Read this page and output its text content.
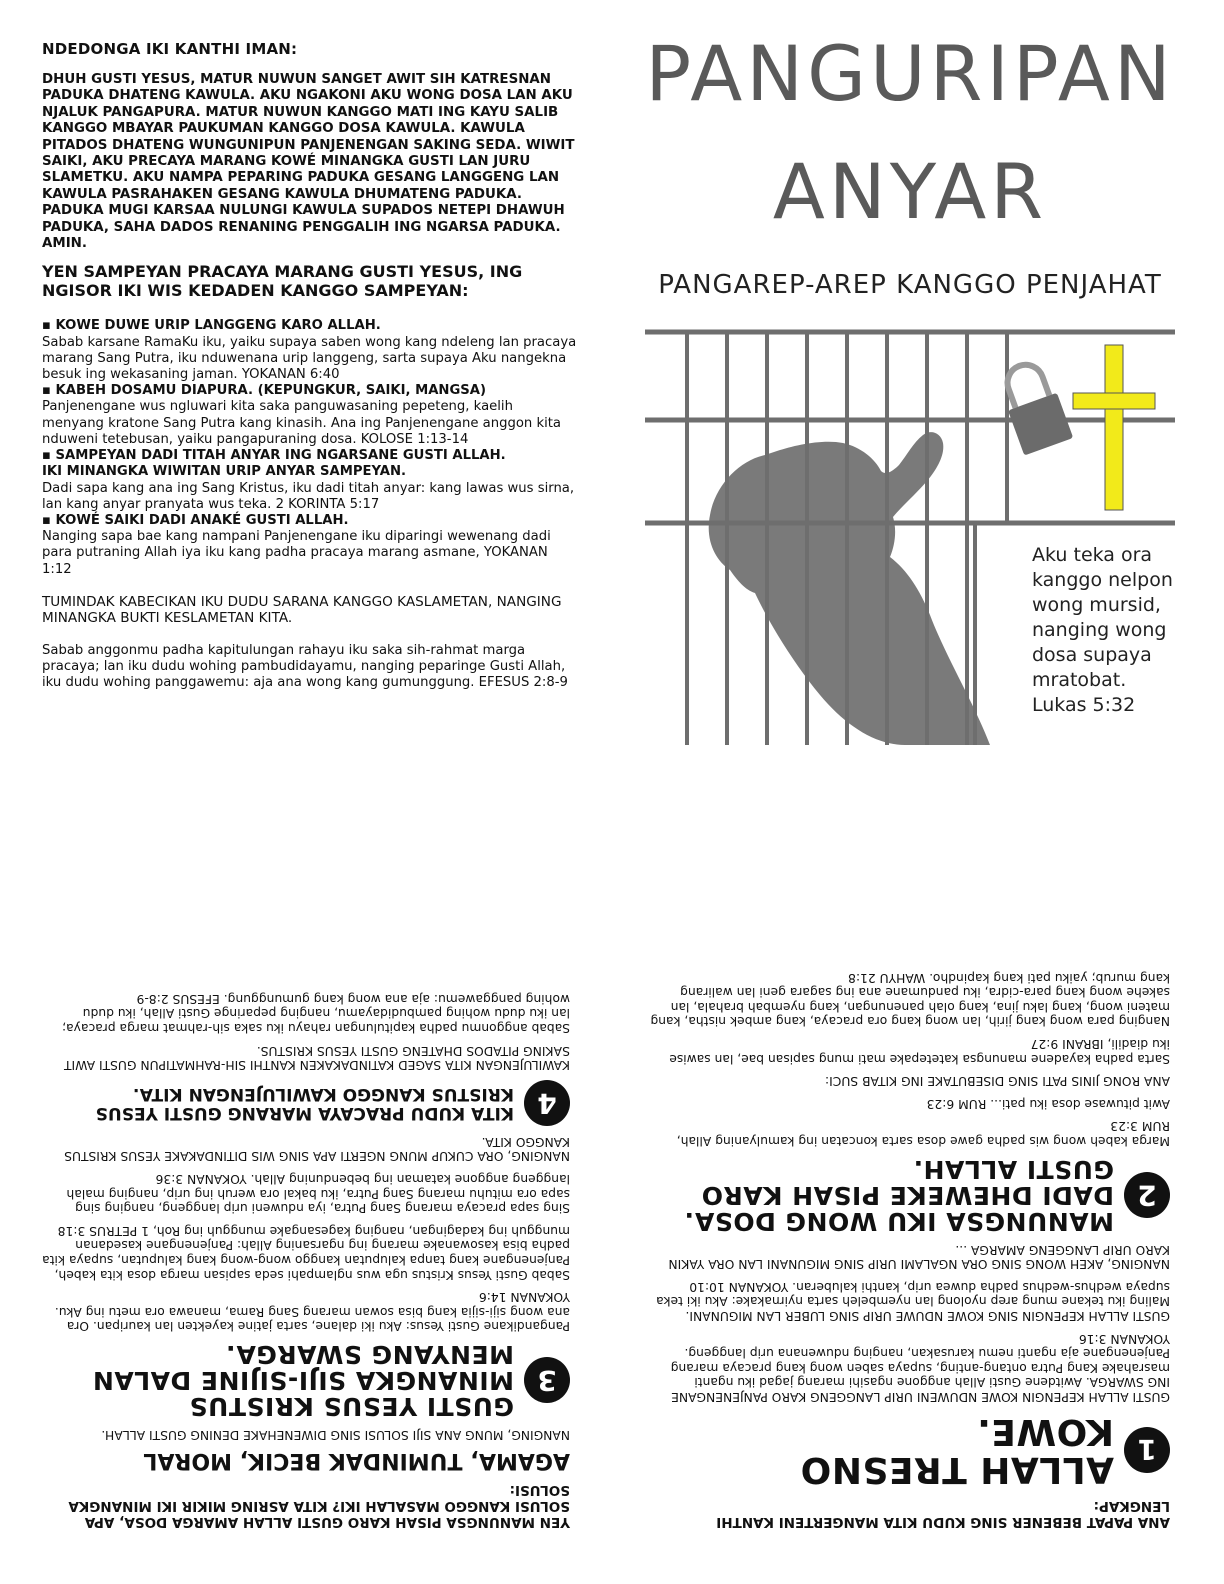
NDEDONGA IKI KANTHI IMAN:
DHUH GUSTI YESUS, MATUR NUWUN SANGET AWIT SIH KATRESNAN PADUKA DHATENG KAWULA. AKU NGAKONI AKU WONG DOSA LAN AKU NJALUK PANGAPURA. MATUR NUWUN KANGGO MATI ING KAYU SALIB KANGGO MBAYAR PAUKUMAN KANGGO DOSA KAWULA. KAWULA PITADOS DHATENG WUNGUNIPUN PANJENENGAN SAKING SEDA. WIWIT SAIKI, AKU PRECAYA MARANG KOWÉ MINANGKA GUSTI LAN JURU SLAMETKU. AKU NAMPA PEPARING PADUKA GESANG LANGGENG LAN KAWULA PASRAHAKEN GESANG KAWULA DHUMATENG PADUKA. PADUKA MUGI KARSAA NULUNGI KAWULA SUPADOS NETEPI DHAWUH PADUKA, SAHA DADOS RENANING PENGGALIH ING NGARSA PADUKA. AMIN.
YEN SAMPEYAN PRACAYA MARANG GUSTI YESUS, ING NGISOR IKI WIS KEDADEN KANGGO SAMPEYAN:
▪ KOWE DUWE URIP LANGGENG KARO ALLAH.
Sabab karsane RamaKu iku, yaiku supaya saben wong kang ndeleng lan pracaya marang Sang Putra, iku nduwenana urip langgeng, sarta supaya Aku nangekna besuk ing wekasaning jaman. YOKANAN 6:40
▪ KABEH DOSAMU DIAPURA. (KEPUNGKUR, SAIKI, MANGSA)
Panjenengane wus ngluwari kita saka panguwasaning pepeteng, kaelih menyang kratone Sang Putra kang kinasih. Ana ing Panjenengane anggon kita nduweni tetebusan, yaiku pangapuraning dosa. KOLOSE 1:13-14
▪ SAMPEYAN DADI TITAH ANYAR ING NGARSANE GUSTI ALLAH.
IKI MINANGKA WIWITAN URIP ANYAR SAMPEYAN.
Dadi sapa kang ana ing Sang Kristus, iku dadi titah anyar: kang lawas wus sirna, lan kang anyar pranyata wus teka. 2 KORINTA 5:17
▪ KOWÉ SAIKI DADI ANAKÉ GUSTI ALLAH.
Nanging sapa bae kang nampani Panjenengane iku diparingi wewenang dadi para putraning Allah iya iku kang padha pracaya marang asmane, YOKANAN 1:12
TUMINDAK KABECIKAN IKU DUDU SARANA KANGGO KASLAMETAN, NANGING MINANGKA BUKTI KESLAMETAN KITA.
Sabab anggonmu padha kapitulungan rahayu iku saka sih-rahmat marga pracaya; lan iku dudu wohing pambudidayamu, nanging peparinge Gusti Allah, iku dudu wohing panggawemu: aja ana wong kang gumunggung. EFESUS 2:8-9
PANGURIPAN
ANYAR
PANGAREP-AREP KANGGO PENJAHAT
Aku teka ora kanggo nelpon wong mursid, nanging wong dosa supaya mratobat. Lukas 5:32
ANA PAPAT BEBENER SING KUDU KITA MANGERTENI KANTHI LENGKAP:
1
ALLAH TRESNO KOWE.
GUSTI ALLAH KEPENGIN KOWE NDUWENI URIP LANGGENG KARO PANJENENGANE ING SWARGA. Awitdene Gusti Allah anggone ngasihi marang jagad iku nganti masrahake Kang Putra ontang-anting, supaya saben wong kang pracaya marang Panjenengane aja nganti nemu karusakan, nanging nduwenana urip langgeng. YOKANAN 3:16
GUSTI ALLAH KEPENGIN SING KOWE NDUWE URIP SING LUBER LAN MIGUNANI. Maling iku tekane mung arep nyolong lan nyembeleh sarta nyirnakake: Aku iki teka supaya wedhus-wedhus padha duwea urip, kanthi kaluberan. YOKANAN 10:10
NANGING, AKEH WONG SING ORA NGALAMI URIP SING MIGUNANI LAN ORA YAKIN KARO URIP LANGGENG AMARGA ...
2
MANUNGSA IKU WONG DOSA. DADI DHEWEKE PISAH KARO GUSTI ALLAH.
Marga kabeh wong wis padha gawe dosa sarta koncatan ing kamulyaning Allah, RUM 3:23
Awit pituwase dosa iku pati... RUM 6:23
ANA RONG JINIS PATI SING DISEBUTAKE ING KITAB SUCI:
Sarta padha kayadene manungsa katetepake mati mung sapisan bae, lan sawise iku diadili, IBRANI 9:27
Nanging para wong kang jirih, lan wong kang ora pracaya, kang ambek nistha, kang mateni wong, kang laku jina, kang olah panenungan, kang nyembah brahala, lan sakehe wong kang para-cidra, iku pandumane ana ing sagara geni lan walirang kang murub; yaiku pati kang kapindho. WAHYU 21:8
YEN MANUNGSA PISAH KARO GUSTI ALLAH AMARGA DOSA, APA SOLUSI KANGGO MASALAH IKI? KITA ASRING MIKIR IKI MINANGKA SOLUSI:
AGAMA, TUMINDAK BECIK, MORAL
NANGING, MUNG ANA SIJI SOLUSI SING DIWENEHAKE DENING GUSTI ALLAH.
3
GUSTI YESUS KRISTUS MINANGKA SIJI-SIJINE DALAN MENYANG SWARGA.
Pangandikane Gusti Yesus: Aku iki dalane, sarta jatine kayekten lan kauripan. Ora ana wong siji-sijia kang bisa sowan marang Sang Rama, manawa ora metu ing Aku. YOKANAN 14:6
Sabab Gusti Yesus Kristus uga wus nglampahi seda sapisan marga dosa kita kabeh, Panjenengane kang tanpa kaluputan kanggo wong-wong kang kaluputan, supaya kita padha bisa kasowanake marang ing ngarsaning Allah: Panjenengane kasedanan mungguh ing kadagingan, nanging kagesangake mungguh ing Roh, 1 PETRUS 3:18
Sing sapa pracaya marang Sang Putra, iya nduweni urip langgeng, nanging sing sapa ora mituhu marang Sang Putra, iku bakal ora weruh ing urip, nanging malah langgeng anggone kataman ing bebenduning Allah. YOKANAN 3:36
NANGING, ORA CUKUP MUNG NGERTI APA SING WIS DITINDAKAKE YESUS KRISTUS KANGGO KITA.
4
KITA KUDU PRACAYA MARANG GUSTI YESUS KRISTUS KANGGO KAWILUJENGAN KITA.
KAWILUJENGAN KITA SAGED KATINDAKAKEN KANTHI SIH-RAHMATIPUN GUSTI AWIT SAKING PITADOS DHATENG GUSTI YESUS KRISTUS.
Sabab anggonmu padha kapitulungan rahayu iku saka sih-rahmat marga pracaya; lan iku dudu wohing pambudidayamu, nanging peparinge Gusti Allah, iku dudu wohing panggawemu: aja ana wong kang gumunggung. EFESUS 2:8-9
